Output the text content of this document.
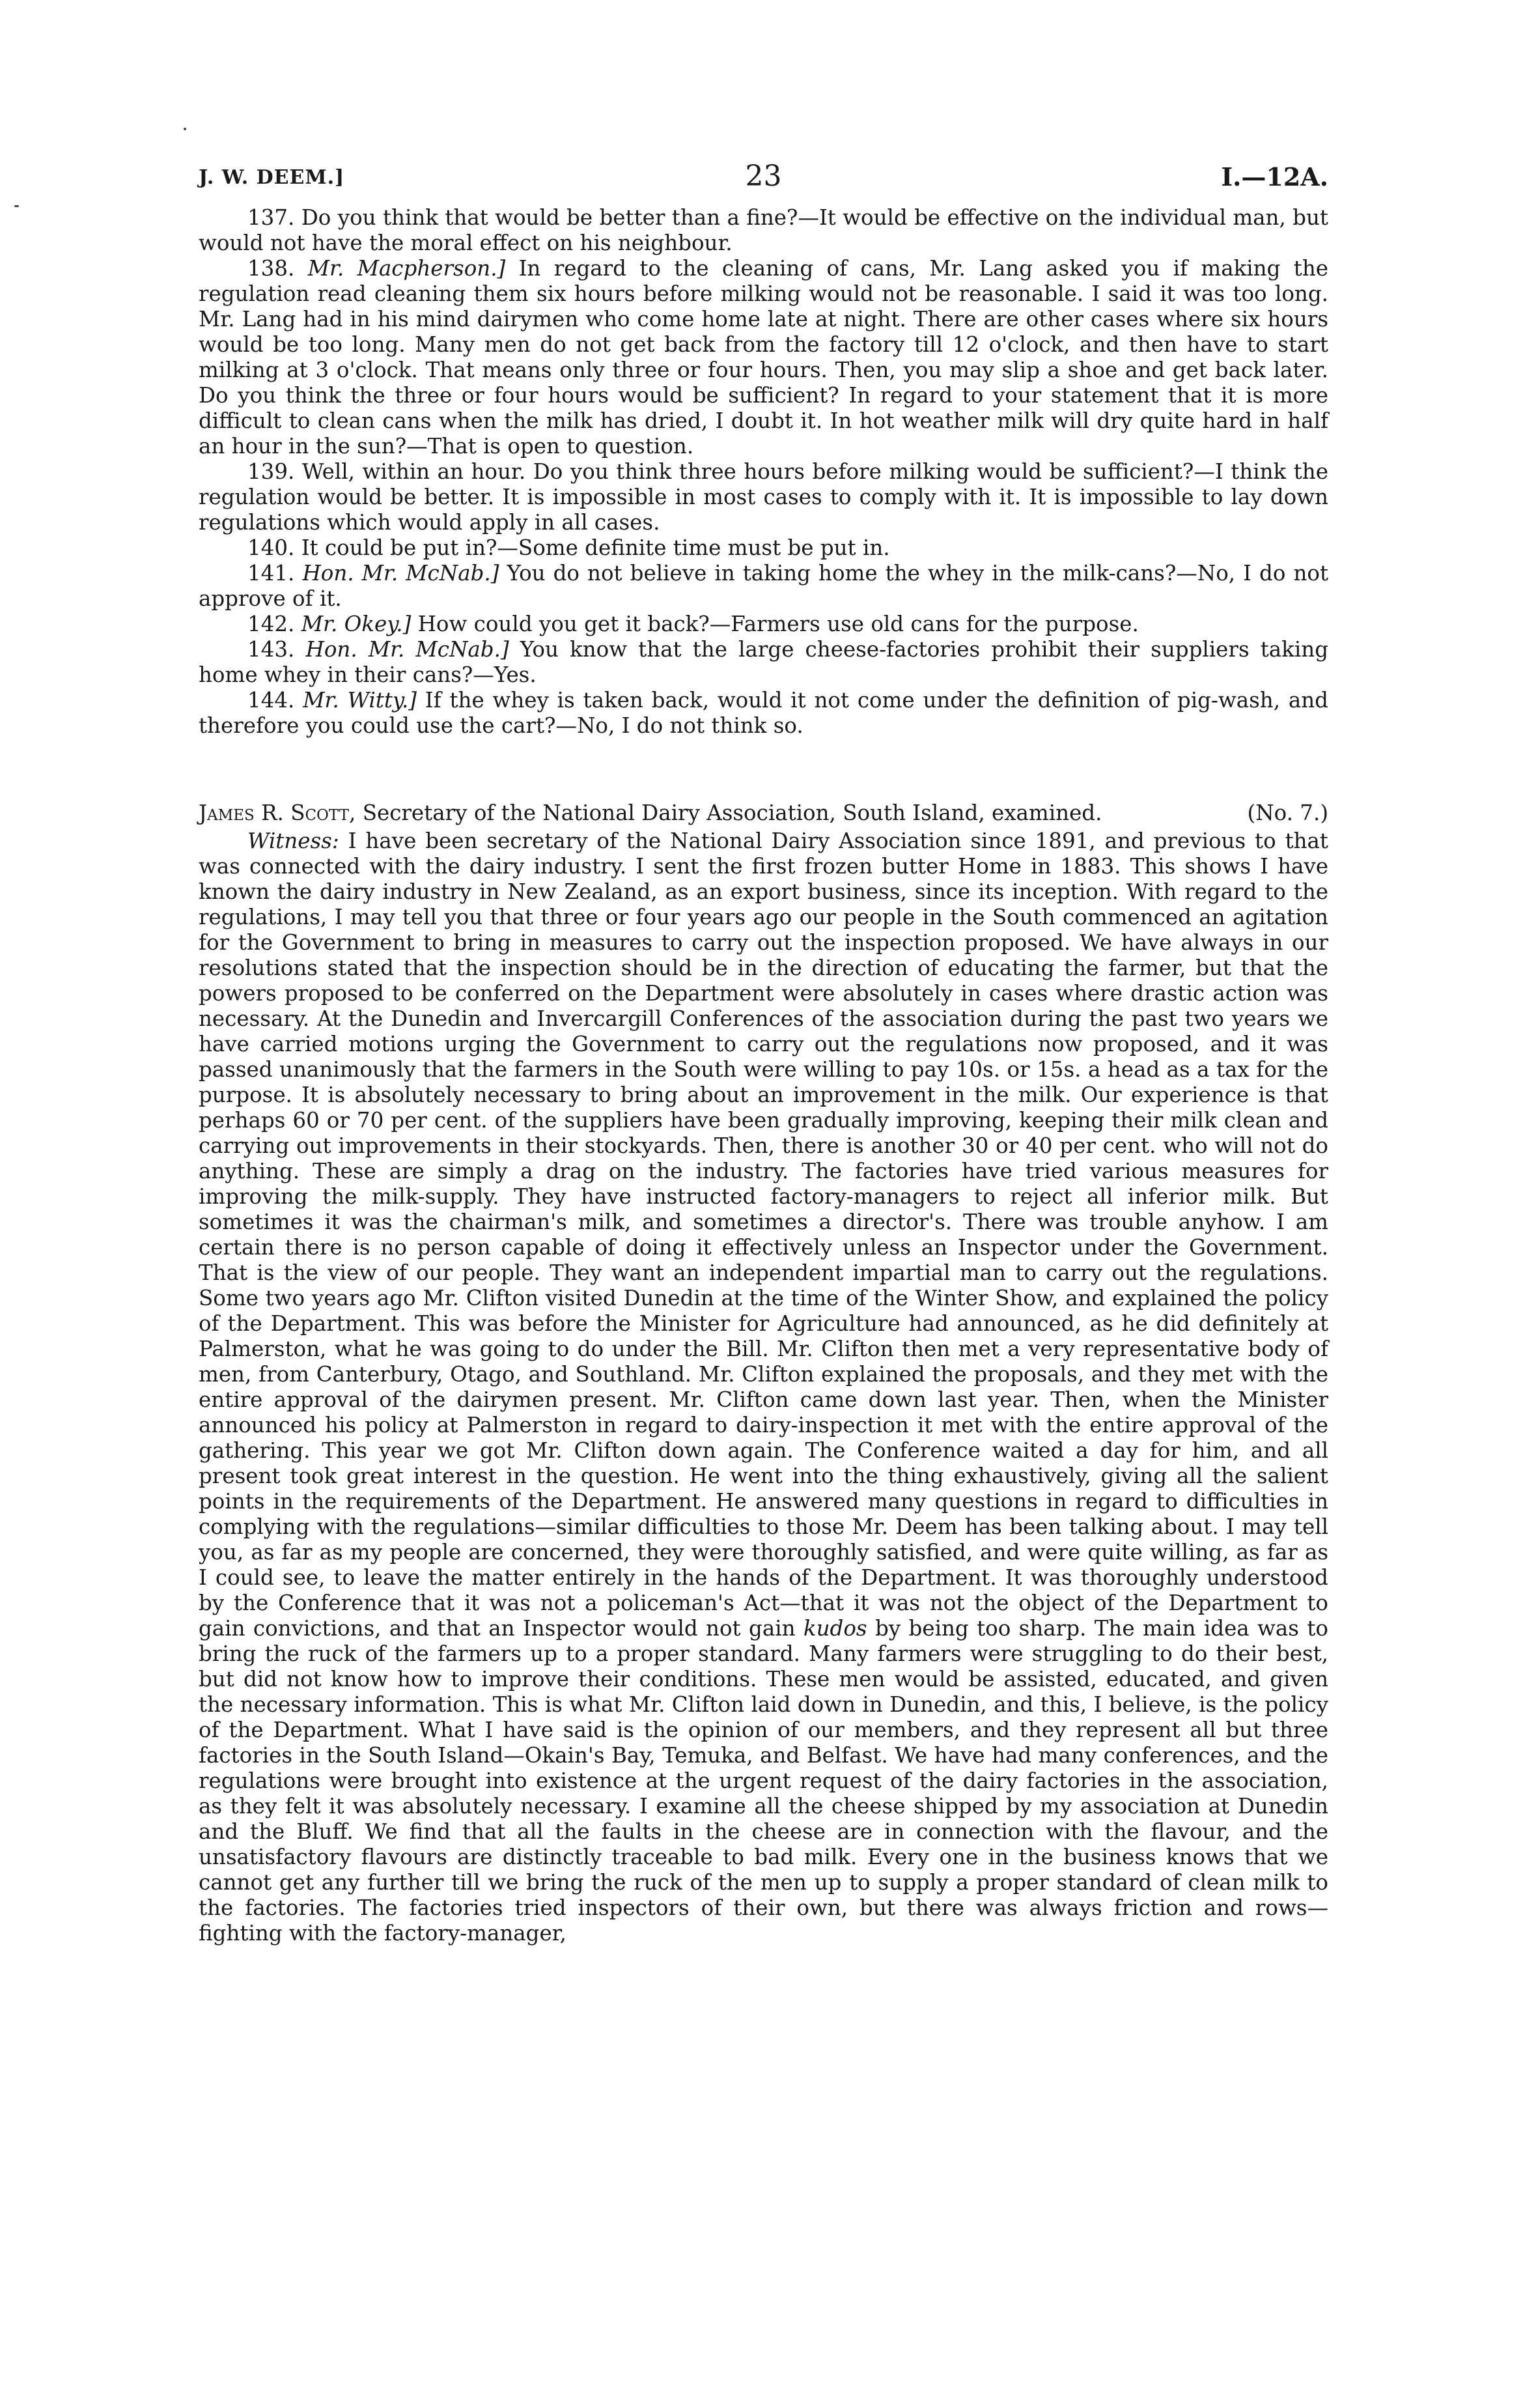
J. W. DEEM.]	23	I.—12A.

137. Do you think that would be better than a fine?—It would be effective on the individual man, but would not have the moral effect on his neighbour.

138. Mr. Macpherson.] In regard to the cleaning of cans, Mr. Lang asked you if making the regulation read cleaning them six hours before milking would not be reasonable. I said it was too long. Mr. Lang had in his mind dairymen who come home late at night. There are other cases where six hours would be too long. Many men do not get back from the factory till 12 o'clock, and then have to start milking at 3 o'clock. That means only three or four hours. Then, you may slip a shoe and get back later. Do you think the three or four hours would be sufficient? In regard to your statement that it is more difficult to clean cans when the milk has dried, I doubt it. In hot weather milk will dry quite hard in half an hour in the sun?—That is open to question.

139. Well, within an hour. Do you think three hours before milking would be sufficient?—I think the regulation would be better. It is impossible in most cases to comply with it. It is impossible to lay down regulations which would apply in all cases.

140. It could be put in?—Some definite time must be put in.

141. Hon. Mr. McNab.] You do not believe in taking home the whey in the milk-cans?—No, I do not approve of it.

142. Mr. Okey.] How could you get it back?—Farmers use old cans for the purpose.

143. Hon. Mr. McNab.] You know that the large cheese-factories prohibit their suppliers taking home whey in their cans?—Yes.

144. Mr. Witty.] If the whey is taken back, would it not come under the definition of pig-wash, and therefore you could use the cart?—No, I do not think so.

James R. Scott, Secretary of the National Dairy Association, South Island, examined.	(No. 7.)

Witness: I have been secretary of the National Dairy Association since 1891, and previous to that was connected with the dairy industry. I sent the first frozen butter Home in 1883. This shows I have known the dairy industry in New Zealand, as an export business, since its inception. With regard to the regulations, I may tell you that three or four years ago our people in the South commenced an agitation for the Government to bring in measures to carry out the inspection proposed. We have always in our resolutions stated that the inspection should be in the direction of educating the farmer, but that the powers proposed to be conferred on the Department were absolutely in cases where drastic action was necessary. At the Dunedin and Invercargill Conferences of the association during the past two years we have carried motions urging the Government to carry out the regulations now proposed, and it was passed unanimously that the farmers in the South were willing to pay 10s. or 15s. a head as a tax for the purpose. It is absolutely necessary to bring about an improvement in the milk. Our experience is that perhaps 60 or 70 per cent. of the suppliers have been gradually improving, keeping their milk clean and carrying out improvements in their stockyards. Then, there is another 30 or 40 per cent. who will not do anything. These are simply a drag on the industry. The factories have tried various measures for improving the milk-supply. They have instructed factory-managers to reject all inferior milk. But sometimes it was the chairman's milk, and sometimes a director's. There was trouble anyhow. I am certain there is no person capable of doing it effectively unless an Inspector under the Government. That is the view of our people. They want an independent impartial man to carry out the regulations. Some two years ago Mr. Clifton visited Dunedin at the time of the Winter Show, and explained the policy of the Department. This was before the Minister for Agriculture had announced, as he did definitely at Palmerston, what he was going to do under the Bill. Mr. Clifton then met a very representative body of men, from Canterbury, Otago, and Southland. Mr. Clifton explained the proposals, and they met with the entire approval of the dairymen present. Mr. Clifton came down last year. Then, when the Minister announced his policy at Palmerston in regard to dairy-inspection it met with the entire approval of the gathering. This year we got Mr. Clifton down again. The Conference waited a day for him, and all present took great interest in the question. He went into the thing exhaustively, giving all the salient points in the requirements of the Department. He answered many questions in regard to difficulties in complying with the regulations—similar difficulties to those Mr. Deem has been talking about. I may tell you, as far as my people are concerned, they were thoroughly satisfied, and were quite willing, as far as I could see, to leave the matter entirely in the hands of the Department. It was thoroughly understood by the Conference that it was not a policeman's Act—that it was not the object of the Department to gain convictions, and that an Inspector would not gain kudos by being too sharp. The main idea was to bring the ruck of the farmers up to a proper standard. Many farmers were struggling to do their best, but did not know how to improve their conditions. These men would be assisted, educated, and given the necessary information. This is what Mr. Clifton laid down in Dunedin, and this, I believe, is the policy of the Department. What I have said is the opinion of our members, and they represent all but three factories in the South Island—Okain's Bay, Temuka, and Belfast. We have had many conferences, and the regulations were brought into existence at the urgent request of the dairy factories in the association, as they felt it was absolutely necessary. I examine all the cheese shipped by my association at Dunedin and the Bluff. We find that all the faults in the cheese are in connection with the flavour, and the unsatisfactory flavours are distinctly traceable to bad milk. Every one in the business knows that we cannot get any further till we bring the ruck of the men up to supply a proper standard of clean milk to the factories. The factories tried inspectors of their own, but there was always friction and rows—fighting with the factory-manager,
